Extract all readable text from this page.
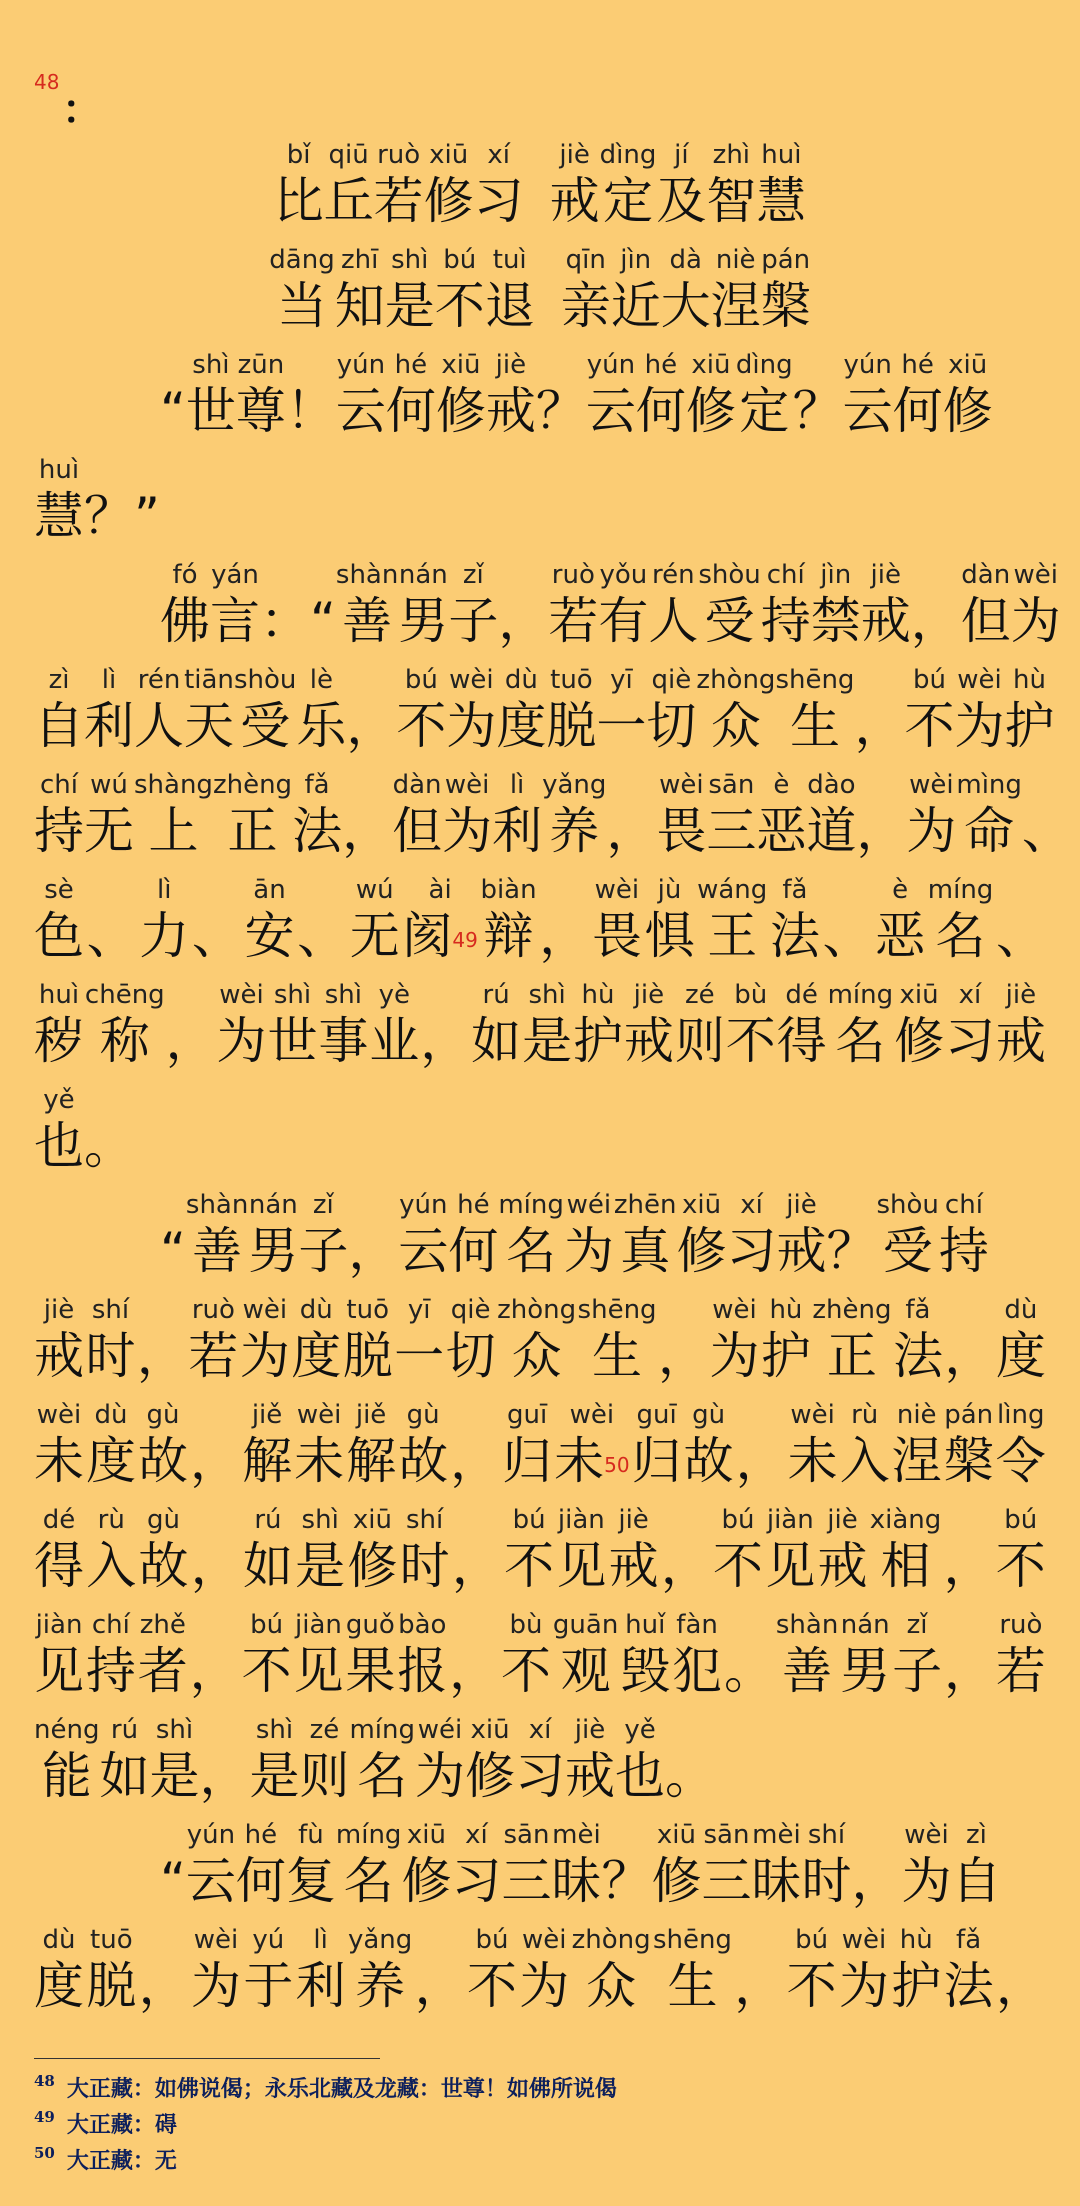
48
：
bǐ
比
qiū
丘
ruò
若
xiū
修
xí
习
jiè
戒
dìng
定
jí
及
zhì
智
huì
慧
dāng
当
zhī
知
shì
是
bú
不
tuì
退
qīn
亲
jìn
近
dà
大
niè
涅
pán
槃
“
shì
世
zūn
尊 ！
yún
云
hé
何
xiū
修
jiè
戒 ？
yún
云
hé
何
xiū
修
dìng
定 ？
yún
云
hé
何
xiū
修
huì
慧 ？ ”
fó
佛
yán
言 ： “
shàn
善
nán
男
zǐ
子 ，
ruò
若
yǒu
有
rén
人
shòu
受
chí
持
jìn
禁
jiè
戒 ，
dàn
但
wèi
为
zì
自
lì
利
rén
人
tiān
天
shòu
受
lè
乐 ，
bú
不
wèi
为
dù
度
tuō
脱
yī
一
qiè
切
zhòng
众
shēng
生 ，
bú
不
wèi
为
hù
护
chí
持
wú
无
shàng
上
zhèng
正
fǎ
法 ，
dàn
但
wèi
为
lì
利
yǎng
养 ，
wèi
畏
sān
三
è
恶
dào
道 ，
wèi
为
mìng
命 、
sè
色 、
lì
力 、
ān
安 、
wú
无
ài
阂$^{49}$
biàn
辩 ，
wèi
畏
jù
惧
wáng
王
fǎ
法 、
è
恶
míng
名 、
huì
秽
chēng
称 ，
wèi
为
shì
世
shì
事
yè
业 ，
rú
如
shì
是
hù
护
jiè
戒
zé
则
bù
不
dé
得
míng
名
xiū
修
xí
习
jiè
戒
yě
也 。
“
shàn
善
nán
男
zǐ
子 ，
yún
云
hé
何
míng
名
wéi
为
zhēn
真
xiū
修
xí
习
jiè
戒 ？
shòu
受
chí
持
jiè
戒
shí
时 ，
ruò
若
wèi
为
dù
度
tuō
脱
yī
一
qiè
切
zhòng
众
shēng
生 ，
wèi
为
hù
护
zhèng
正
fǎ
法 ，
dù
度
wèi
未
dù
度
gù
故 ，
jiě
解
wèi
未
jiě
解
gù
故 ，
guī
归
wèi
未$^{50}$
guī
归
gù
故 ，
wèi
未
rù
入
niè
涅
pán
槃
lìng
令
dé
得
rù
入
gù
故 ，
rú
如
shì
是
xiū
修
shí
时 ，
bú
不
jiàn
见
jiè
戒 ，
bú
不
jiàn
见
jiè
戒
xiàng
相 ，
bú
不
jiàn
见
chí
持
zhě
者 ，
bú
不
jiàn
见
guǒ
果
bào
报 ，
bù
不
guān
观
huǐ
毁
fàn
犯 。
shàn
善
nán
男
zǐ
子 ，
ruò
若
néng
能
rú
如
shì
是 ，
shì
是
zé
则
míng
名
wéi
为
xiū
修
xí
习
jiè
戒
yě
也 。
“
yún
云
hé
何
fù
复
míng
名
xiū
修
xí
习
sān
三
mèi
昧 ？
xiū
修
sān
三
mèi
昧
shí
时 ，
wèi
为
zì
自
dù
度
tuō
脱 ，
wèi
为
yú
于
lì
利
yǎng
养 ，
bú
不
wèi
为
zhòng
众
shēng
生 ，
bú
不
wèi
为
hù
护
fǎ
法 ，
$^{48}$ 大正藏：如佛说偈；永乐北藏及龙藏：世尊！如佛所说偈
$^{49}$ 大正藏：碍
$^{50}$ 大正藏：无
